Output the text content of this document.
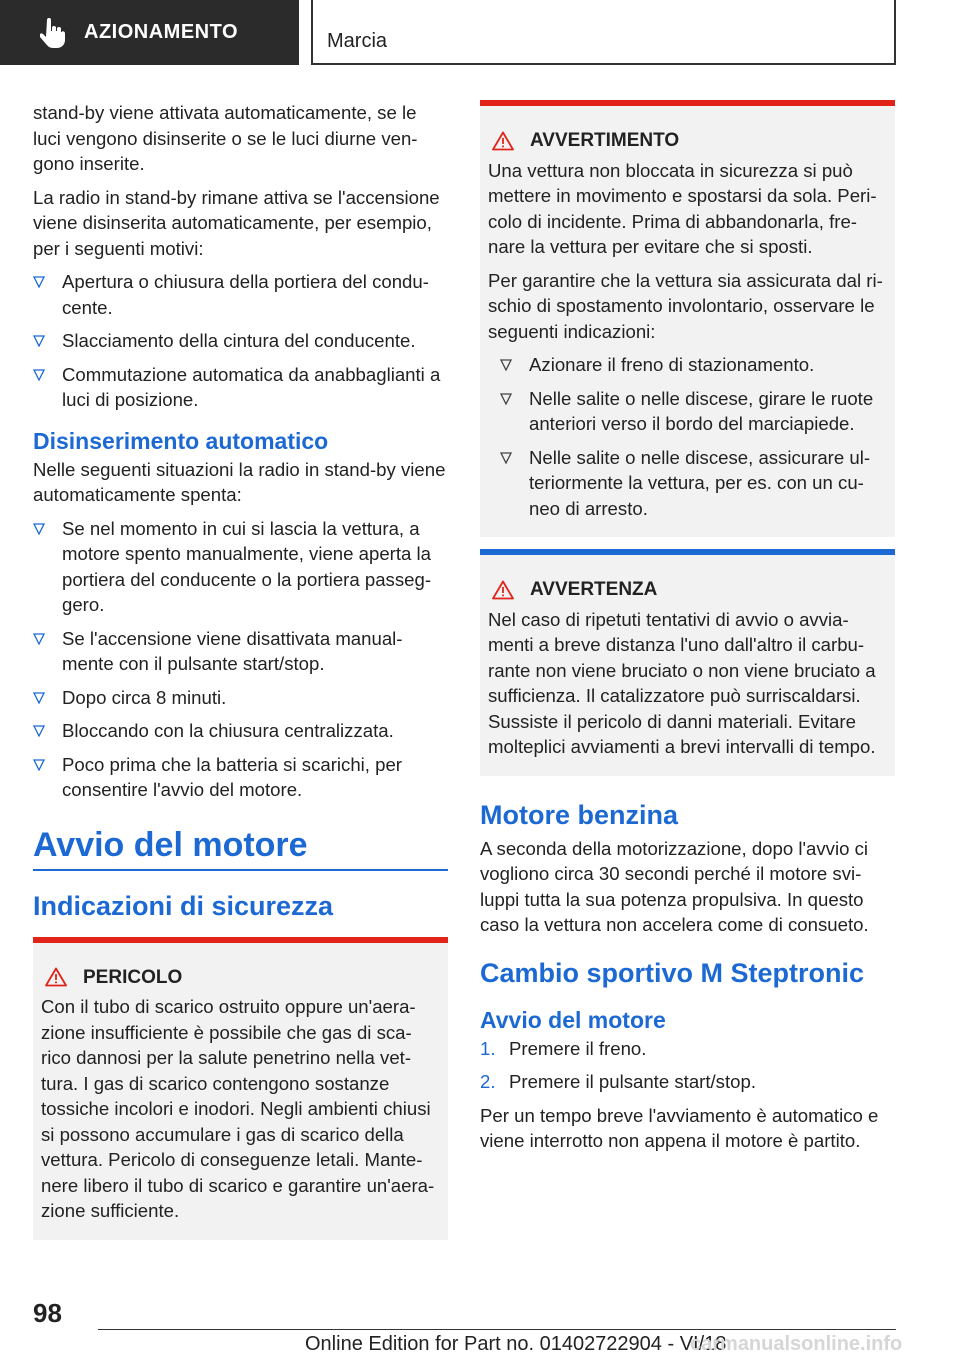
AZIONAMENTO	Marcia

stand-by viene attivata automaticamente, se le luci vengono disinserite o se le luci diurne ven-gono inserite.

La radio in stand-by rimane attiva se l'accensione viene disinserita automaticamente, per esempio, per i seguenti motivi:

Apertura o chiusura della portiera del condu-cente.
Slacciamento della cintura del conducente.
Commutazione automatica da anabbaglianti a luci di posizione.
Disinserimento automatico

Nelle seguenti situazioni la radio in stand-by viene automaticamente spenta:

Se nel momento in cui si lascia la vettura, a motore spento manualmente, viene aperta la portiera del conducente o la portiera passeg-gero.
Se l'accensione viene disattivata manual-mente con il pulsante start/stop.
Dopo circa 8 minuti.
Bloccando con la chiusura centralizzata.
Poco prima che la batteria si scarichi, per consentire l'avvio del motore.
Avvio del motore
Indicazioni di sicurezza
PERICOLO

Con il tubo di scarico ostruito oppure un'aera-zione insufficiente è possibile che gas di sca-rico dannosi per la salute penetrino nella vet-tura. I gas di scarico contengono sostanze tossiche incolori e inodori. Negli ambienti chiusi si possono accumulare i gas di scarico della vettura. Pericolo di conseguenze letali. Mante-nere libero il tubo di scarico e garantire un'aera-zione sufficiente.

AVVERTIMENTO

Una vettura non bloccata in sicurezza si può mettere in movimento e spostarsi da sola. Peri-colo di incidente. Prima di abbandonarla, fre-nare la vettura per evitare che si sposti.

Per garantire che la vettura sia assicurata dal ri-schio di spostamento involontario, osservare le seguenti indicazioni:

Azionare il freno di stazionamento.
Nelle salite o nelle discese, girare le ruote anteriori verso il bordo del marciapiede.
Nelle salite o nelle discese, assicurare ul-teriormente la vettura, per es. con un cu-neo di arresto.
AVVERTENZA

Nel caso di ripetuti tentativi di avvio o avvia-menti a breve distanza l'uno dall'altro il carbu-rante non viene bruciato o non viene bruciato a sufficienza. Il catalizzatore può surriscaldarsi. Sussiste il pericolo di danni materiali. Evitare molteplici avviamenti a brevi intervalli di tempo.

Motore benzina

A seconda della motorizzazione, dopo l'avvio ci vogliono circa 30 secondi perché il motore svi-luppi tutta la sua potenza propulsiva. In questo caso la vettura non accelera come di consueto.

Cambio sportivo M Steptronic
Avvio del motore
1. Premere il freno.
2. Premere il pulsante start/stop.

Per un tempo breve l'avviamento è automatico e viene interrotto non appena il motore è partito.

98
Online Edition for Part no. 01402722904 - VI/18
carmanualsonline.info
